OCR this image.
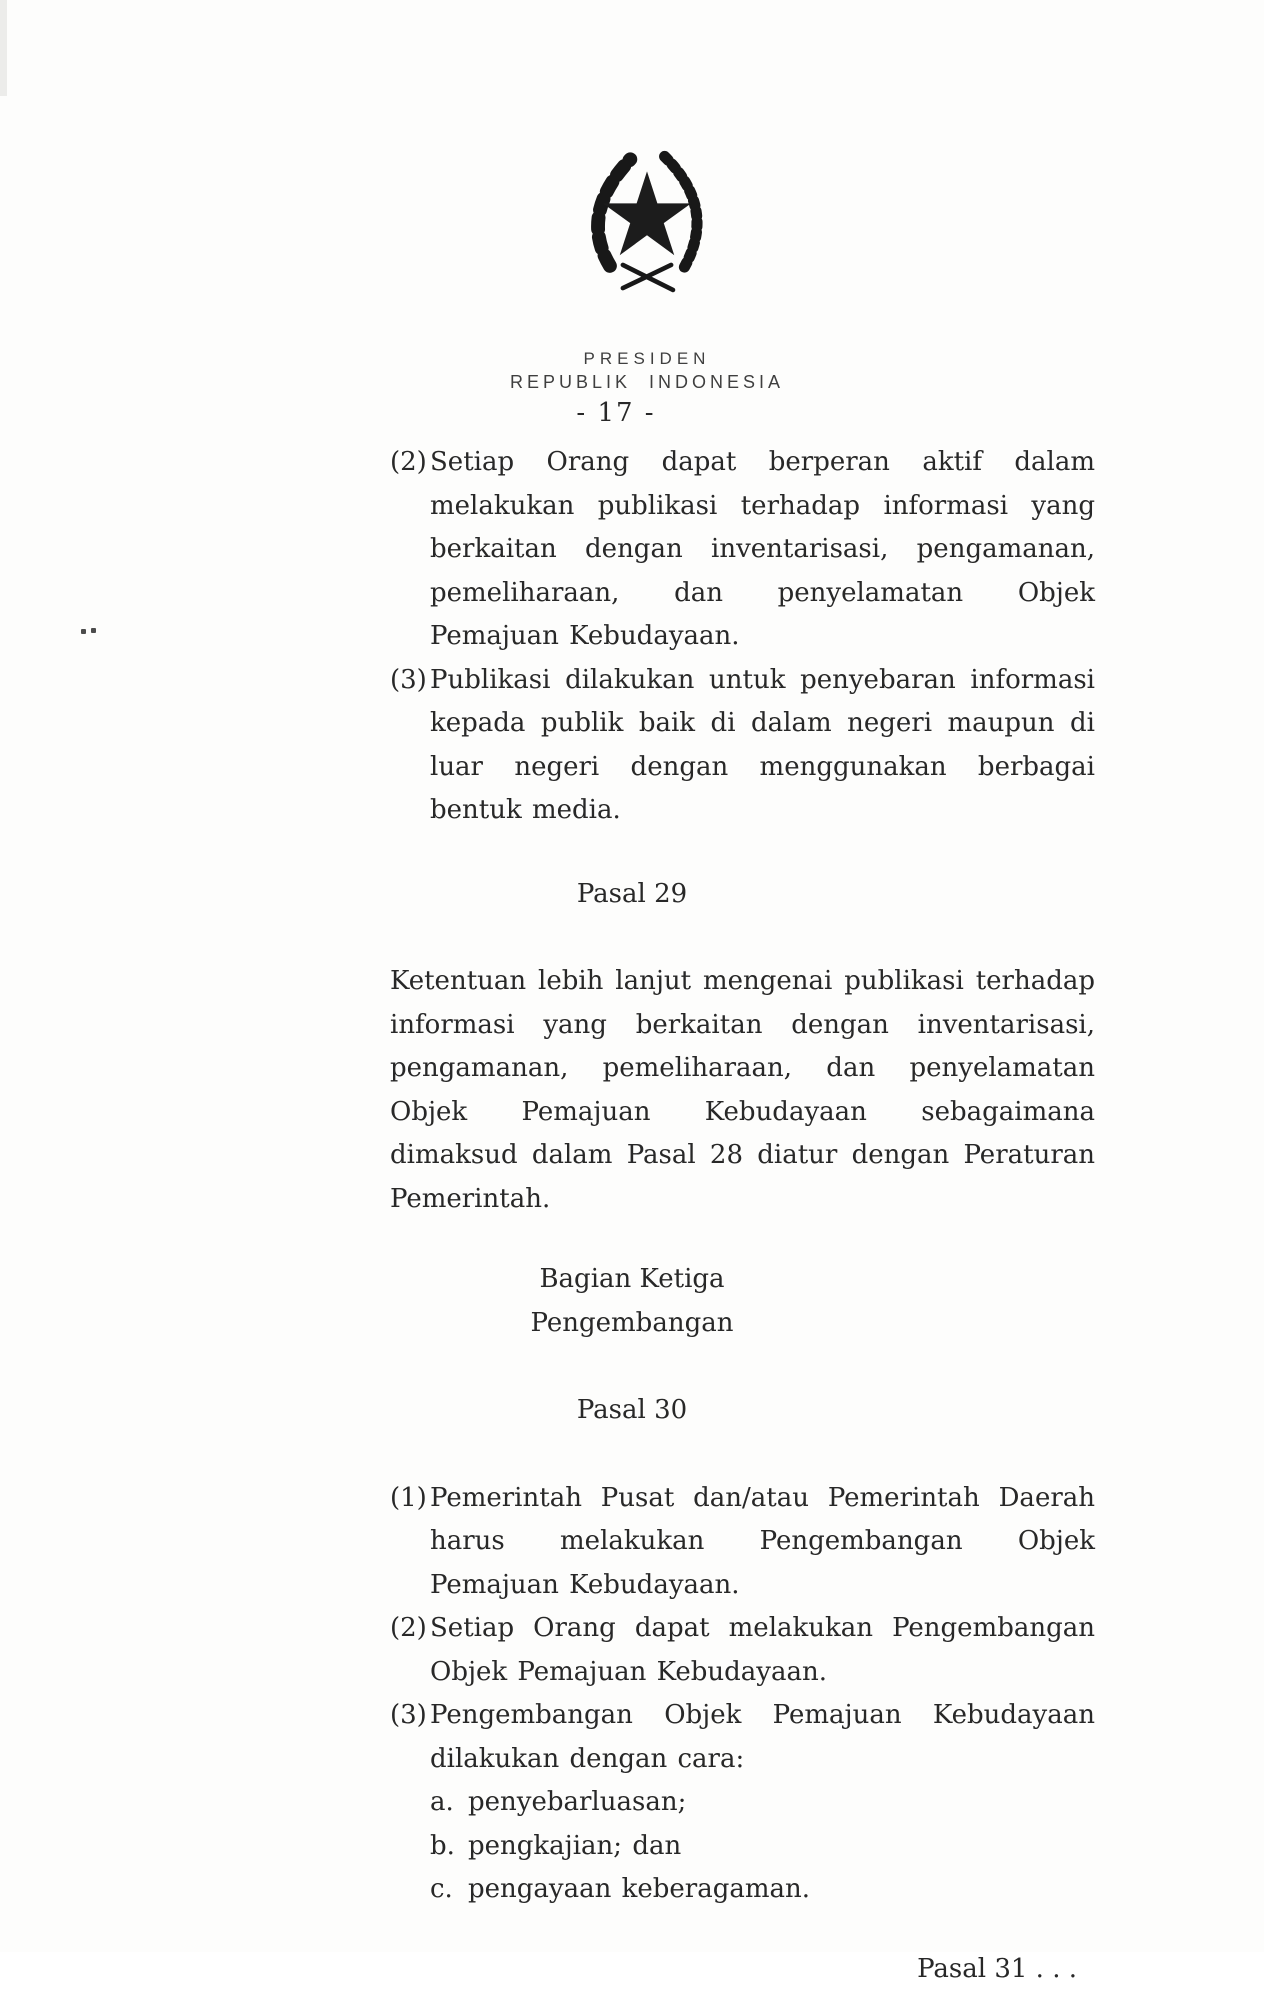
PRESIDEN
REPUBLIK INDONESIA
- 17 -
(2) Setiap Orang dapat berperan aktif dalam melakukan publikasi terhadap informasi yang berkaitan dengan inventarisasi, pengamanan, pemeliharaan, dan penyelamatan Objek Pemajuan Kebudayaan.
(3) Publikasi dilakukan untuk penyebaran informasi kepada publik baik di dalam negeri maupun di luar negeri dengan menggunakan berbagai bentuk media.
Pasal 29

Ketentuan lebih lanjut mengenai publikasi terhadap informasi yang berkaitan dengan inventarisasi, pengamanan, pemeliharaan, dan penyelamatan Objek Pemajuan Kebudayaan sebagaimana dimaksud dalam Pasal 28 diatur dengan Peraturan Pemerintah.

Bagian Ketiga
Pengembangan
Pasal 30
(1) Pemerintah Pusat dan/atau Pemerintah Daerah harus melakukan Pengembangan Objek Pemajuan Kebudayaan.
(2) Setiap Orang dapat melakukan Pengembangan Objek Pemajuan Kebudayaan.
(3) Pengembangan Objek Pemajuan Kebudayaan dilakukan dengan cara:
a. penyebarluasan;
b. pengkajian; dan
c. pengayaan keberagaman.
Pasal 31 . . .
